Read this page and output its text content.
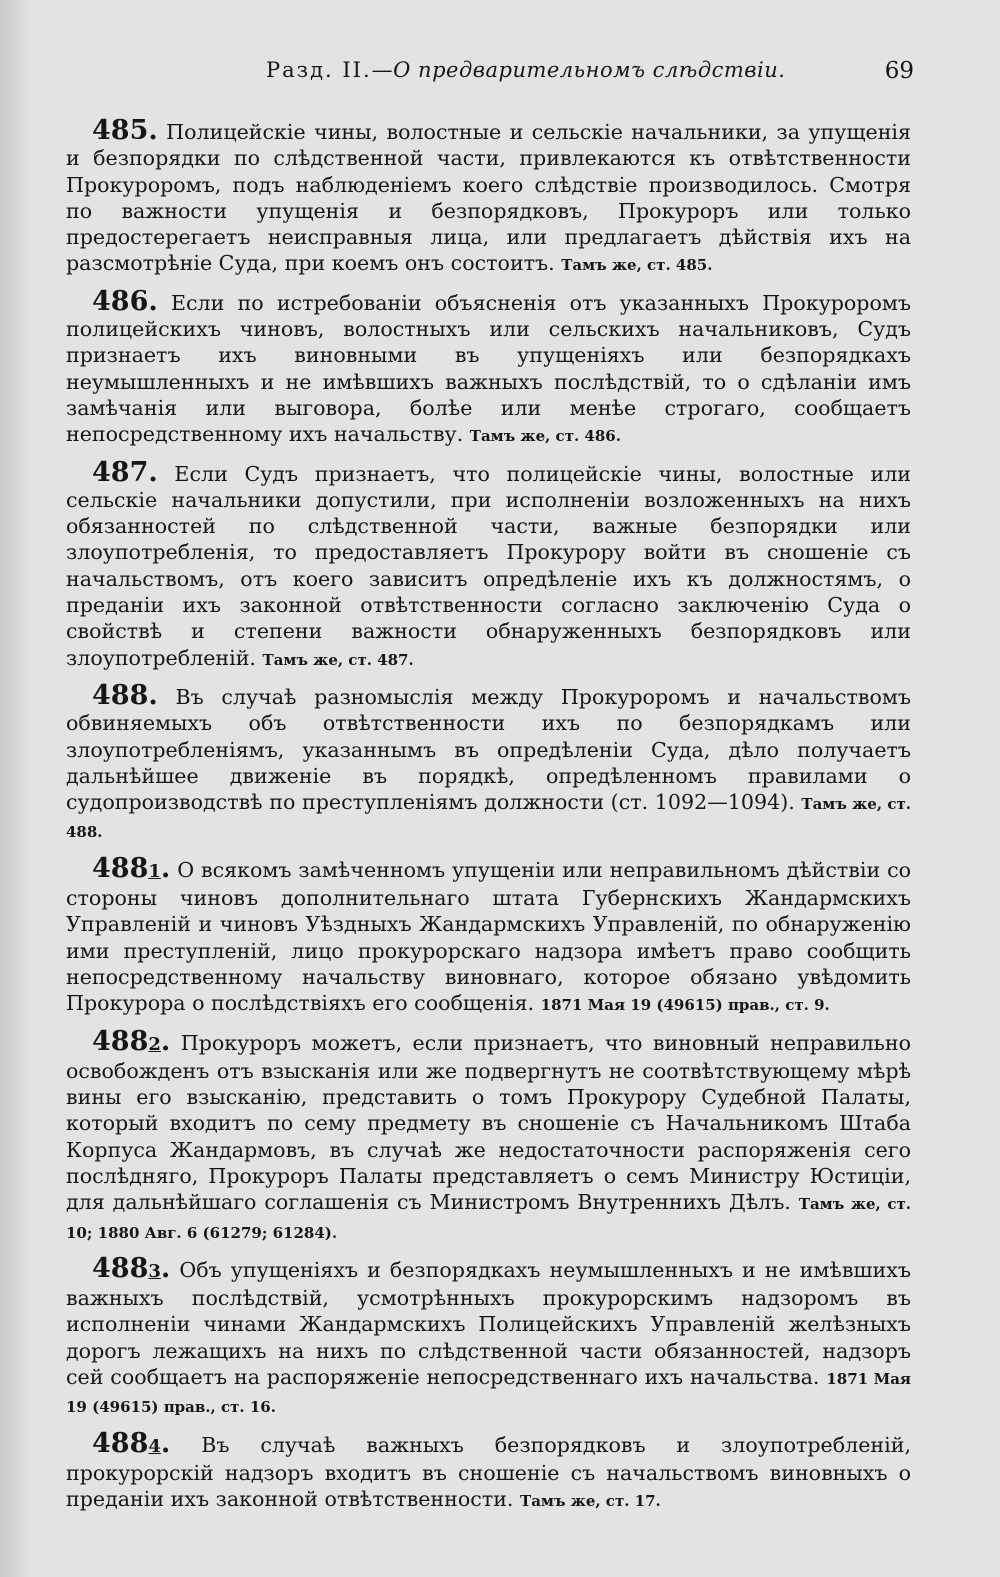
Разд. II.—О предварительномъ слѣдствіи.	69

485. Полицейскіе чины, волостные и сельскіе начальники, за упущенія и безпорядки по слѣдственной части, привлекаются къ отвѣтственности Прокуроромъ, подъ наблюденіемъ коего слѣдствіе производилось. Смотря по важности упущенія и безпорядковъ, Прокуроръ или только предостерегаетъ неисправныя лица, или предлагаетъ дѣйствія ихъ на разсмотрѣніе Суда, при коемъ онъ состоитъ. Тамъ же, ст. 485.

486. Если по истребованіи объясненія отъ указанныхъ Прокуроромъ полицейскихъ чиновъ, волостныхъ или сельскихъ начальниковъ, Судъ признаетъ ихъ виновными въ упущеніяхъ или безпорядкахъ неумышленныхъ и не имѣвшихъ важныхъ послѣдствій, то о сдѣланіи имъ замѣчанія или выговора, болѣе или менѣе строгаго, сообщаетъ непосредственному ихъ начальству. Тамъ же, ст. 486.

487. Если Судъ признаетъ, что полицейскіе чины, волостные или сельскіе начальники допустили, при исполненіи возложенныхъ на нихъ обязанностей по слѣдственной части, важные безпорядки или злоупотребленія, то предоставляетъ Прокурору войти въ сношеніе съ начальствомъ, отъ коего зависитъ опредѣленіе ихъ къ должностямъ, о преданіи ихъ законной отвѣтственности согласно заключенію Суда о свойствѣ и степени важности обнаруженныхъ безпорядковъ или злоупотребленій. Тамъ же, ст. 487.

488. Въ случаѣ разномыслія между Прокуроромъ и начальствомъ обвиняемыхъ объ отвѣтственности ихъ по безпорядкамъ или злоупотребленіямъ, указаннымъ въ опредѣленіи Суда, дѣло получаетъ дальнѣйшее движеніе въ порядкѣ, опредѣленномъ правилами о судопроизводствѣ по преступленіямъ должности (ст. 1092—1094). Тамъ же, ст. 488.

4881. О всякомъ замѣченномъ упущеніи или неправильномъ дѣйствіи со стороны чиновъ дополнительнаго штата Губернскихъ Жандармскихъ Управленій и чиновъ Уѣздныхъ Жандармскихъ Управленій, по обнаруженію ими преступленій, лицо прокурорскаго надзора имѣетъ право сообщить непосредственному начальству виновнаго, которое обязано увѣдомить Прокурора о послѣдствіяхъ его сообщенія. 1871 Мая 19 (49615) прав., ст. 9.

4882. Прокуроръ можетъ, если признаетъ, что виновный неправильно освобожденъ отъ взысканія или же подвергнутъ не соотвѣтствующему мѣрѣ вины его взысканію, представить о томъ Прокурору Судебной Палаты, который входитъ по сему предмету въ сношеніе съ Начальникомъ Штаба Корпуса Жандармовъ, въ случаѣ же недостаточности распоряженія сего послѣдняго, Прокуроръ Палаты представляетъ о семъ Министру Юстиціи, для дальнѣйшаго соглашенія съ Министромъ Внутреннихъ Дѣлъ. Тамъ же, ст. 10; 1880 Авг. 6 (61279; 61284).

4883. Объ упущеніяхъ и безпорядкахъ неумышленныхъ и не имѣвшихъ важныхъ послѣдствій, усмотрѣнныхъ прокурорскимъ надзоромъ въ исполненіи чинами Жандармскихъ Полицейскихъ Управленій желѣзныхъ дорогъ лежащихъ на нихъ по слѣдственной части обязанностей, надзоръ сей сообщаетъ на распоряженіе непосредственнаго ихъ начальства. 1871 Мая 19 (49615) прав., ст. 16.

4884. Въ случаѣ важныхъ безпорядковъ и злоупотребленій, прокурорскій надзоръ входитъ въ сношеніе съ начальствомъ виновныхъ о преданіи ихъ законной отвѣтственности. Тамъ же, ст. 17.
